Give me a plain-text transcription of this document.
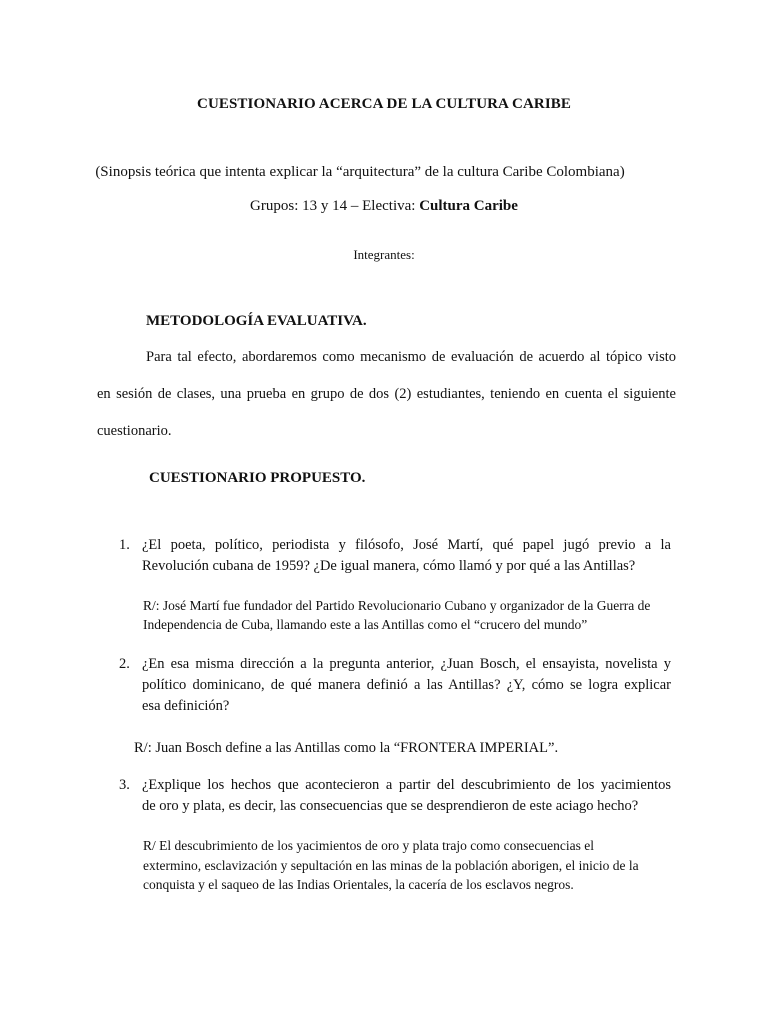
CUESTIONARIO ACERCA DE LA CULTURA CARIBE
(Sinopsis teórica que intenta explicar la “arquitectura” de la cultura Caribe Colombiana)
Grupos: 13 y 14 – Electiva: Cultura Caribe
Integrantes:
METODOLOGÍA EVALUATIVA.
Para tal efecto, abordaremos como mecanismo de evaluación de acuerdo al tópico visto
en sesión de clases, una prueba en grupo de dos (2) estudiantes, teniendo en cuenta el siguiente
cuestionario.
CUESTIONARIO PROPUESTO.
1. ¿El poeta, político, periodista y filósofo, José Martí, qué papel jugó previo a la
Revolución cubana de 1959? ¿De igual manera, cómo llamó y por qué a las Antillas?
R/: José Martí fue fundador del Partido Revolucionario Cubano y organizador de la Guerra de
Independencia de Cuba, llamando este a las Antillas como el “crucero del mundo”
2. ¿En esa misma dirección a la pregunta anterior, ¿Juan Bosch, el ensayista, novelista y
político dominicano, de qué manera definió a las Antillas? ¿Y, cómo se logra explicar
esa definición?
R/: Juan Bosch define a las Antillas como la “FRONTERA IMPERIAL”.
3. ¿Explique los hechos que acontecieron a partir del descubrimiento de los yacimientos
de oro y plata, es decir, las consecuencias que se desprendieron de este aciago hecho?
R/ El descubrimiento de los yacimientos de oro y plata trajo como consecuencias el
extermino, esclavización y sepultación en las minas de la población aborigen, el inicio de la
conquista y el saqueo de las Indias Orientales, la cacería de los esclavos negros.
